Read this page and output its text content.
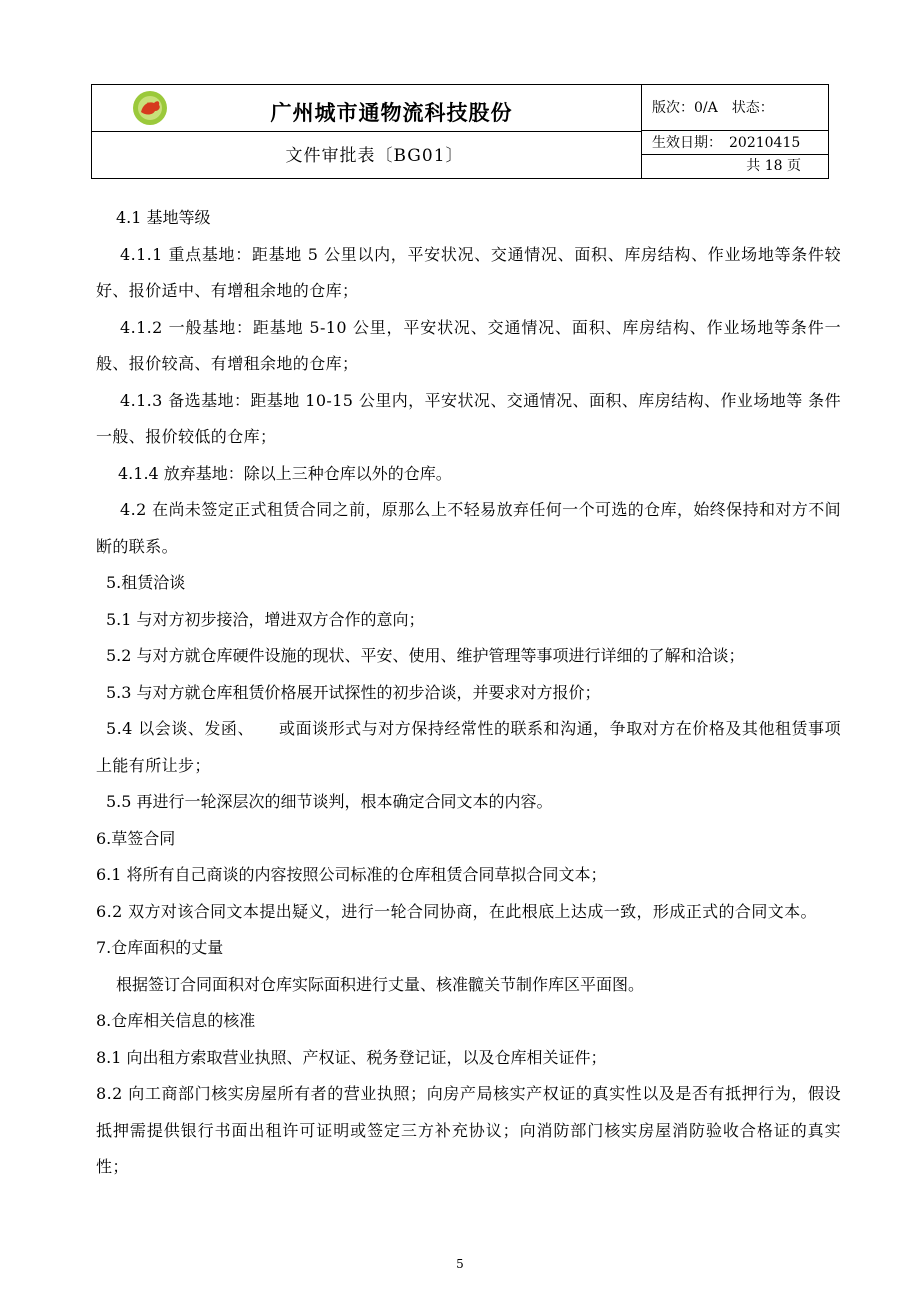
广州城市通物流科技股份
文件审批表〔BG01〕
版次：0/A　状态：
生效日期：　20210415
共 18 页

4.1 基地等级

4.1.1 重点基地：距基地 5 公里以内，平安状况、交通情况、面积、库房结构、作业场地等条件较好、报价适中、有增租余地的仓库；

4.1.2 一般基地：距基地 5-10 公里，平安状况、交通情况、面积、库房结构、作业场地等条件一般、报价较高、有增租余地的仓库；

4.1.3 备选基地：距基地 10-15 公里内，平安状况、交通情况、面积、库房结构、作业场地等 条件一般、报价较低的仓库；

4.1.4 放弃基地：除以上三种仓库以外的仓库。

4.2 在尚未签定正式租赁合同之前，原那么上不轻易放弃任何一个可选的仓库，始终保持和对方不间断的联系。

5.租赁洽谈

5.1 与对方初步接洽，增进双方合作的意向；

5.2 与对方就仓库硬件设施的现状、平安、使用、维护管理等事项进行详细的了解和洽谈；

5.3 与对方就仓库租赁价格展开试探性的初步洽谈，并要求对方报价；

5.4 以会谈、发函、　　或面谈形式与对方保持经常性的联系和沟通，争取对方在价格及其他租赁事项上能有所让步；

5.5 再进行一轮深层次的细节谈判，根本确定合同文本的内容。

6.草签合同

6.1 将所有自己商谈的内容按照公司标准的仓库租赁合同草拟合同文本；

6.2 双方对该合同文本提出疑义，进行一轮合同协商，在此根底上达成一致，形成正式的合同文本。

7.仓库面积的丈量

根据签订合同面积对仓库实际面积进行丈量、核准髋关节制作库区平面图。

8.仓库相关信息的核准

8.1 向出租方索取营业执照、产权证、税务登记证，以及仓库相关证件；

8.2 向工商部门核实房屋所有者的营业执照；向房产局核实产权证的真实性以及是否有抵押行为，假设抵押需提供银行书面出租许可证明或签定三方补充协议；向消防部门核实房屋消防验收合格证的真实性；

5
